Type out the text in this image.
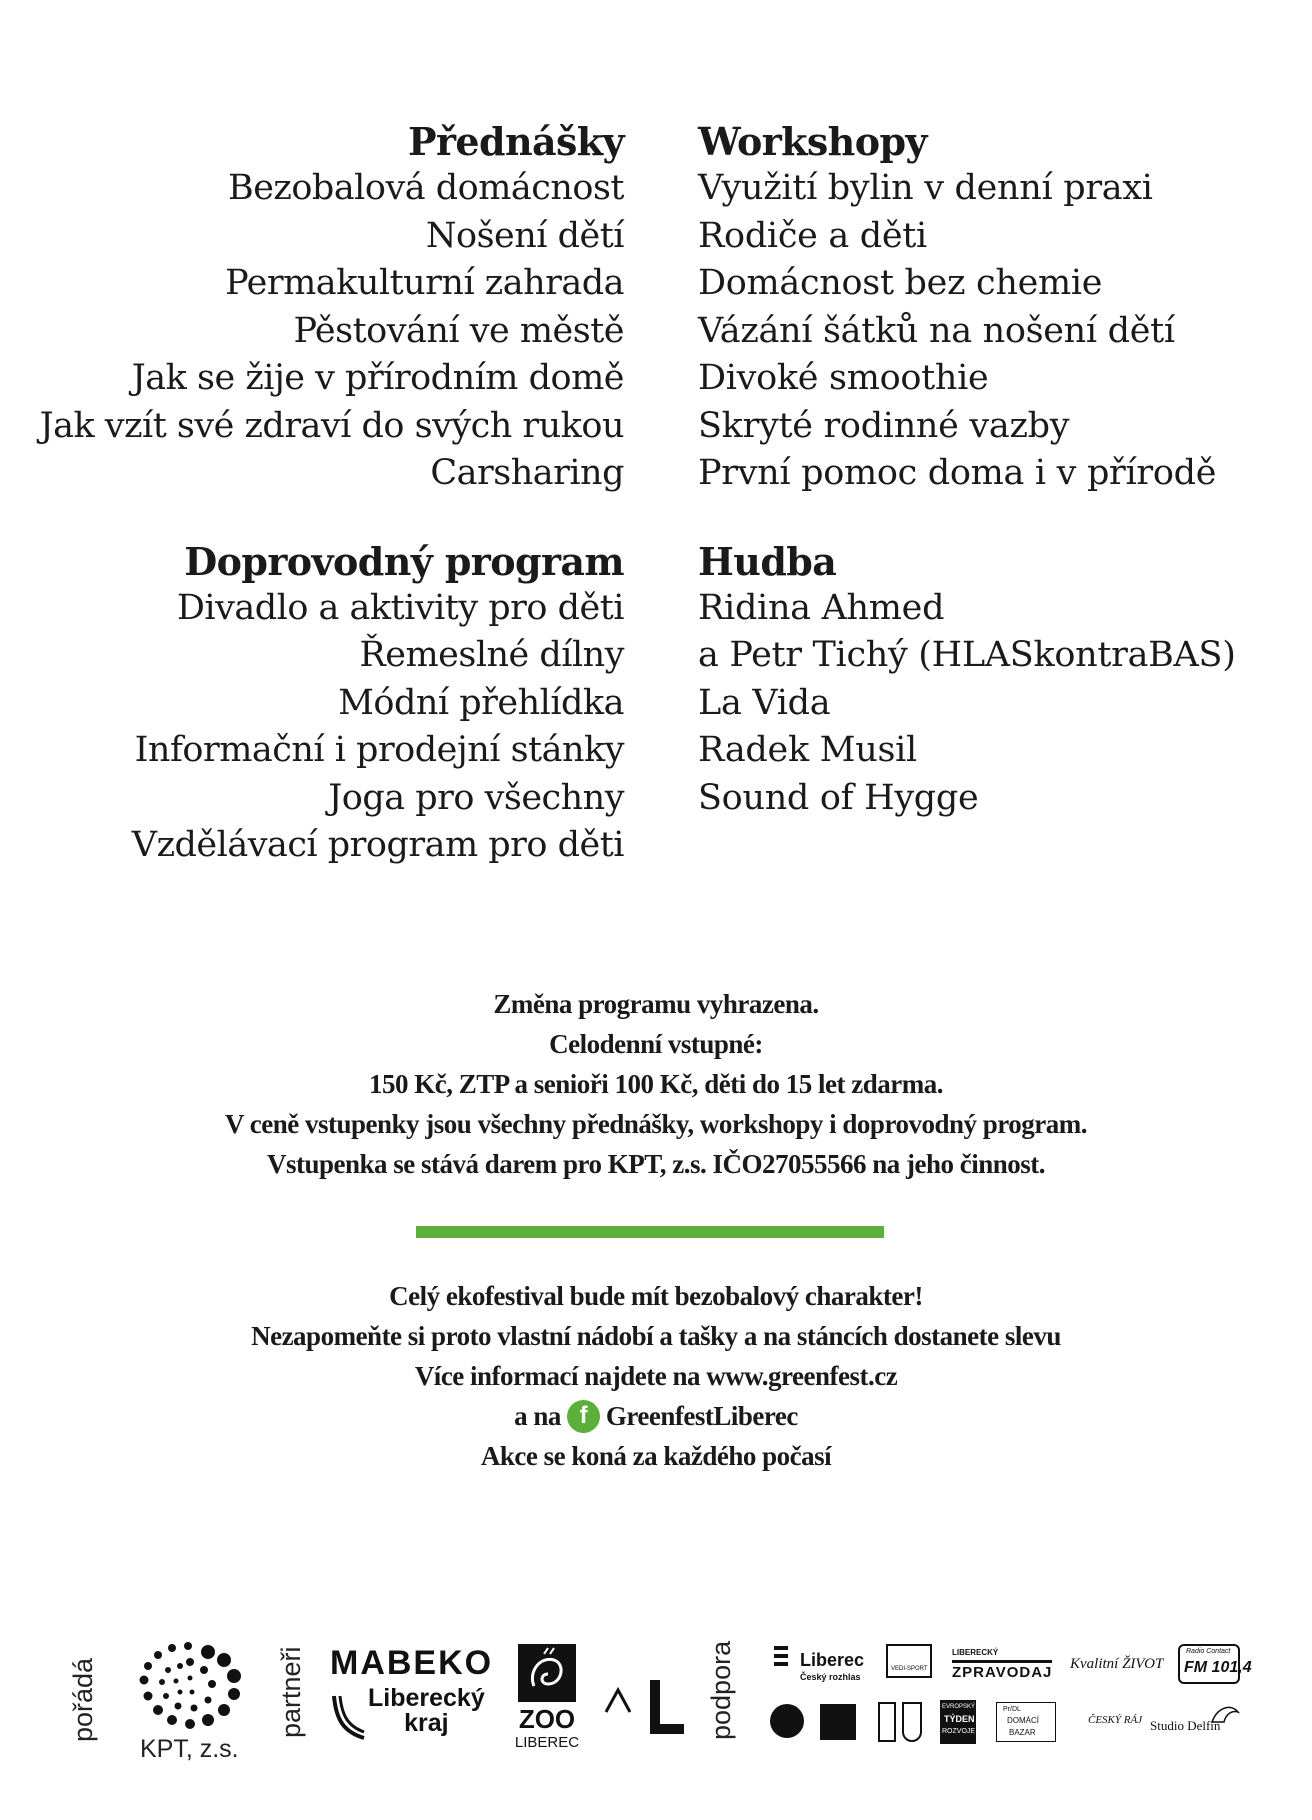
Přednášky
Bezobalová domácnost
Nošení dětí
Permakulturní zahrada
Pěstování ve městě
Jak se žije v přírodním domě
Jak vzít své zdraví do svých rukou
Carsharing
Workshopy
Využití bylin v denní praxi
Rodiče a děti
Domácnost bez chemie
Vázání šátků na nošení dětí
Divoké smoothie
Skryté rodinné vazby
První pomoc doma i v přírodě
Doprovodný program
Divadlo a aktivity pro děti
Řemeslné dílny
Módní přehlídka
Informační i prodejní stánky
Joga pro všechny
Vzdělávací program pro děti
Hudba
Ridina Ahmed
a Petr Tichý (HLASkontraBAS)
La Vida
Radek Musil
Sound of Hygge

Změna programu vyhrazena.

Celodenní vstupné:

150 Kč, ZTP a senioři 100 Kč, děti do 15 let zdarma.

V ceně vstupenky jsou všechny přednášky, workshopy i doprovodný program.

Vstupenka se stává darem pro KPT, z.s. IČO27055566 na jeho činnost.

Celý ekofestival bude mít bezobalový charakter!

Nezapomeňte si proto vlastní nádobí a tašky a na stáncích dostanete slevu

Více informací najdete na www.greenfest.cz

a na f GreenfestLiberec

Akce se koná za každého počasí

pořádá
KPT, z.s.
partneři MABEKO
Liberecký
kraj	ZOO
LIBEREC
podpora	Liberec
Český rozhlas
VEDI-SPORT
LIBERECKÝ
ZPRAVODAJ Kvalitní ŽIVOT
Radio Contact
FM 101,4
EVROPSKÝ
TÝDEN
ROZVOJE
Pr/DL
DOMÁCÍ
BAZAR
ČESKÝ RÁJ Studio Delfín
